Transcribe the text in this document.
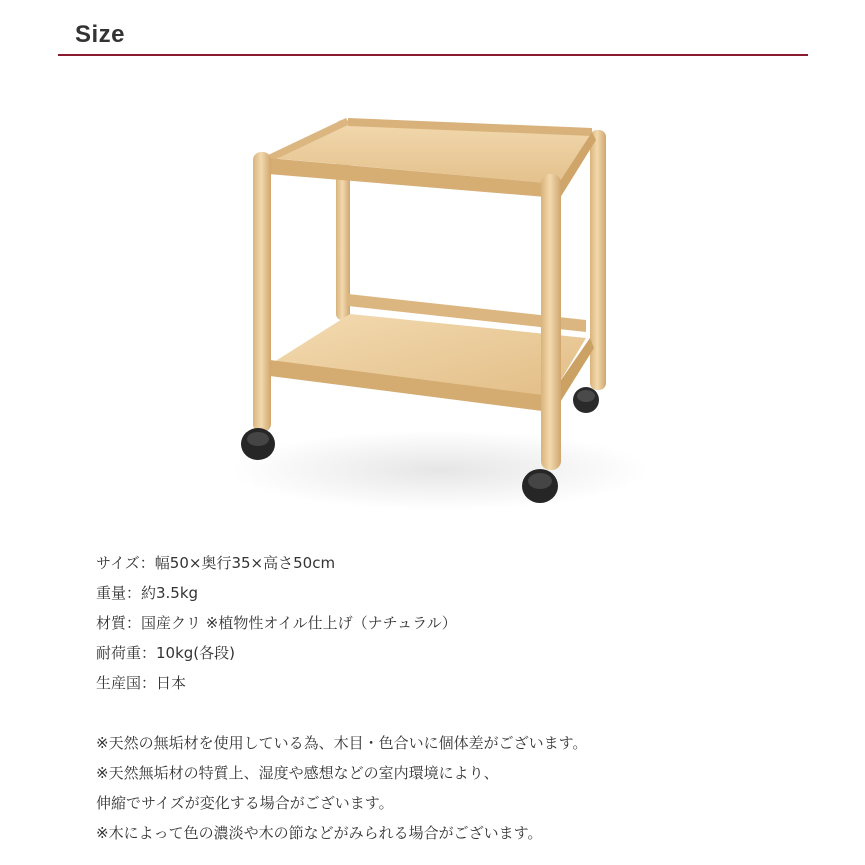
Size
サイズ：幅50×奥行35×高さ50cm
重量：約3.5kg
材質：国産クリ ※植物性オイル仕上げ（ナチュラル）
耐荷重：10kg(各段)
生産国：日本
※天然の無垢材を使用している為、木目・色合いに個体差がございます。
※天然無垢材の特質上、湿度や感想などの室内環境により、
伸縮でサイズが変化する場合がございます。
※木によって色の濃淡や木の節などがみられる場合がございます。
